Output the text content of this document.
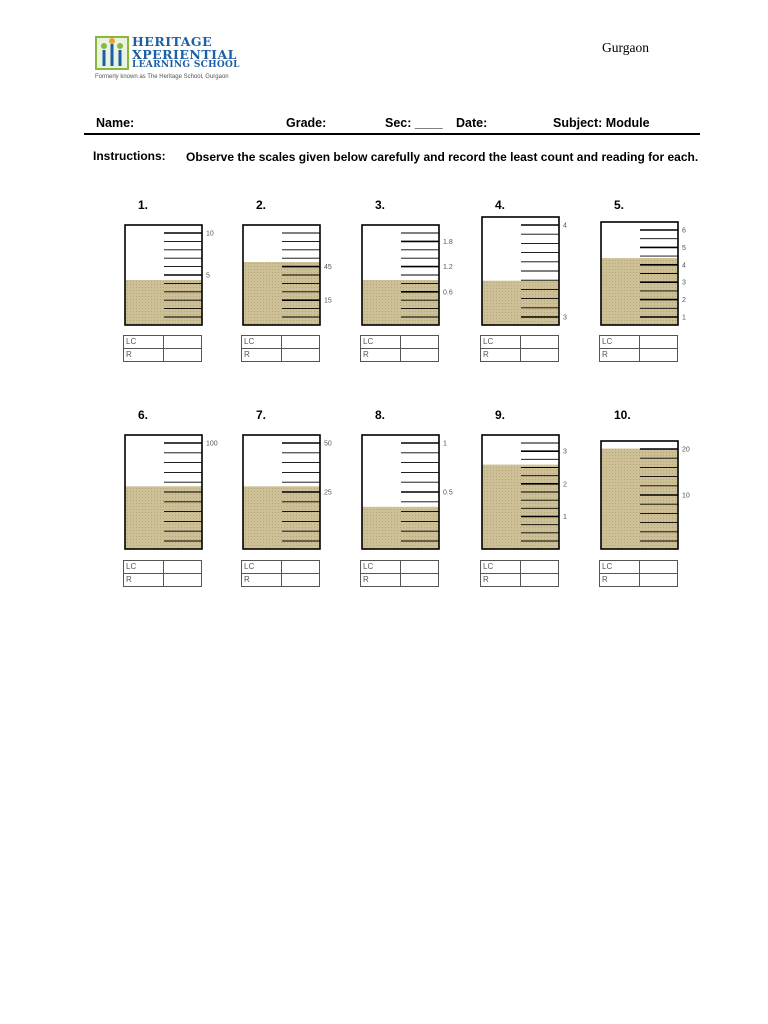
HERITAGE
XPERIENTIAL
LEARNING SCHOOL
Formerly known as The Heritage School, Gurgaon
Gurgaon
Name:	Grade:	Sec: ____ Date:	Subject: Module
Instructions: Observe the scales given below carefully and record the least count and reading for each.
1.
10
5
LC	
R	
2.
45
15
LC	
R	
3.
1.8
1.2
0.6
LC	
R	
4.
4
3
LC	
R	
5.
6
5
4
3
2
1
LC	
R	
6.
100
LC	
R	
7.
50
25
LC	
R	
8.
1
0.5
LC	
R	
9.
3
2
1
LC	
R	
10.
20
10
LC	
R	
